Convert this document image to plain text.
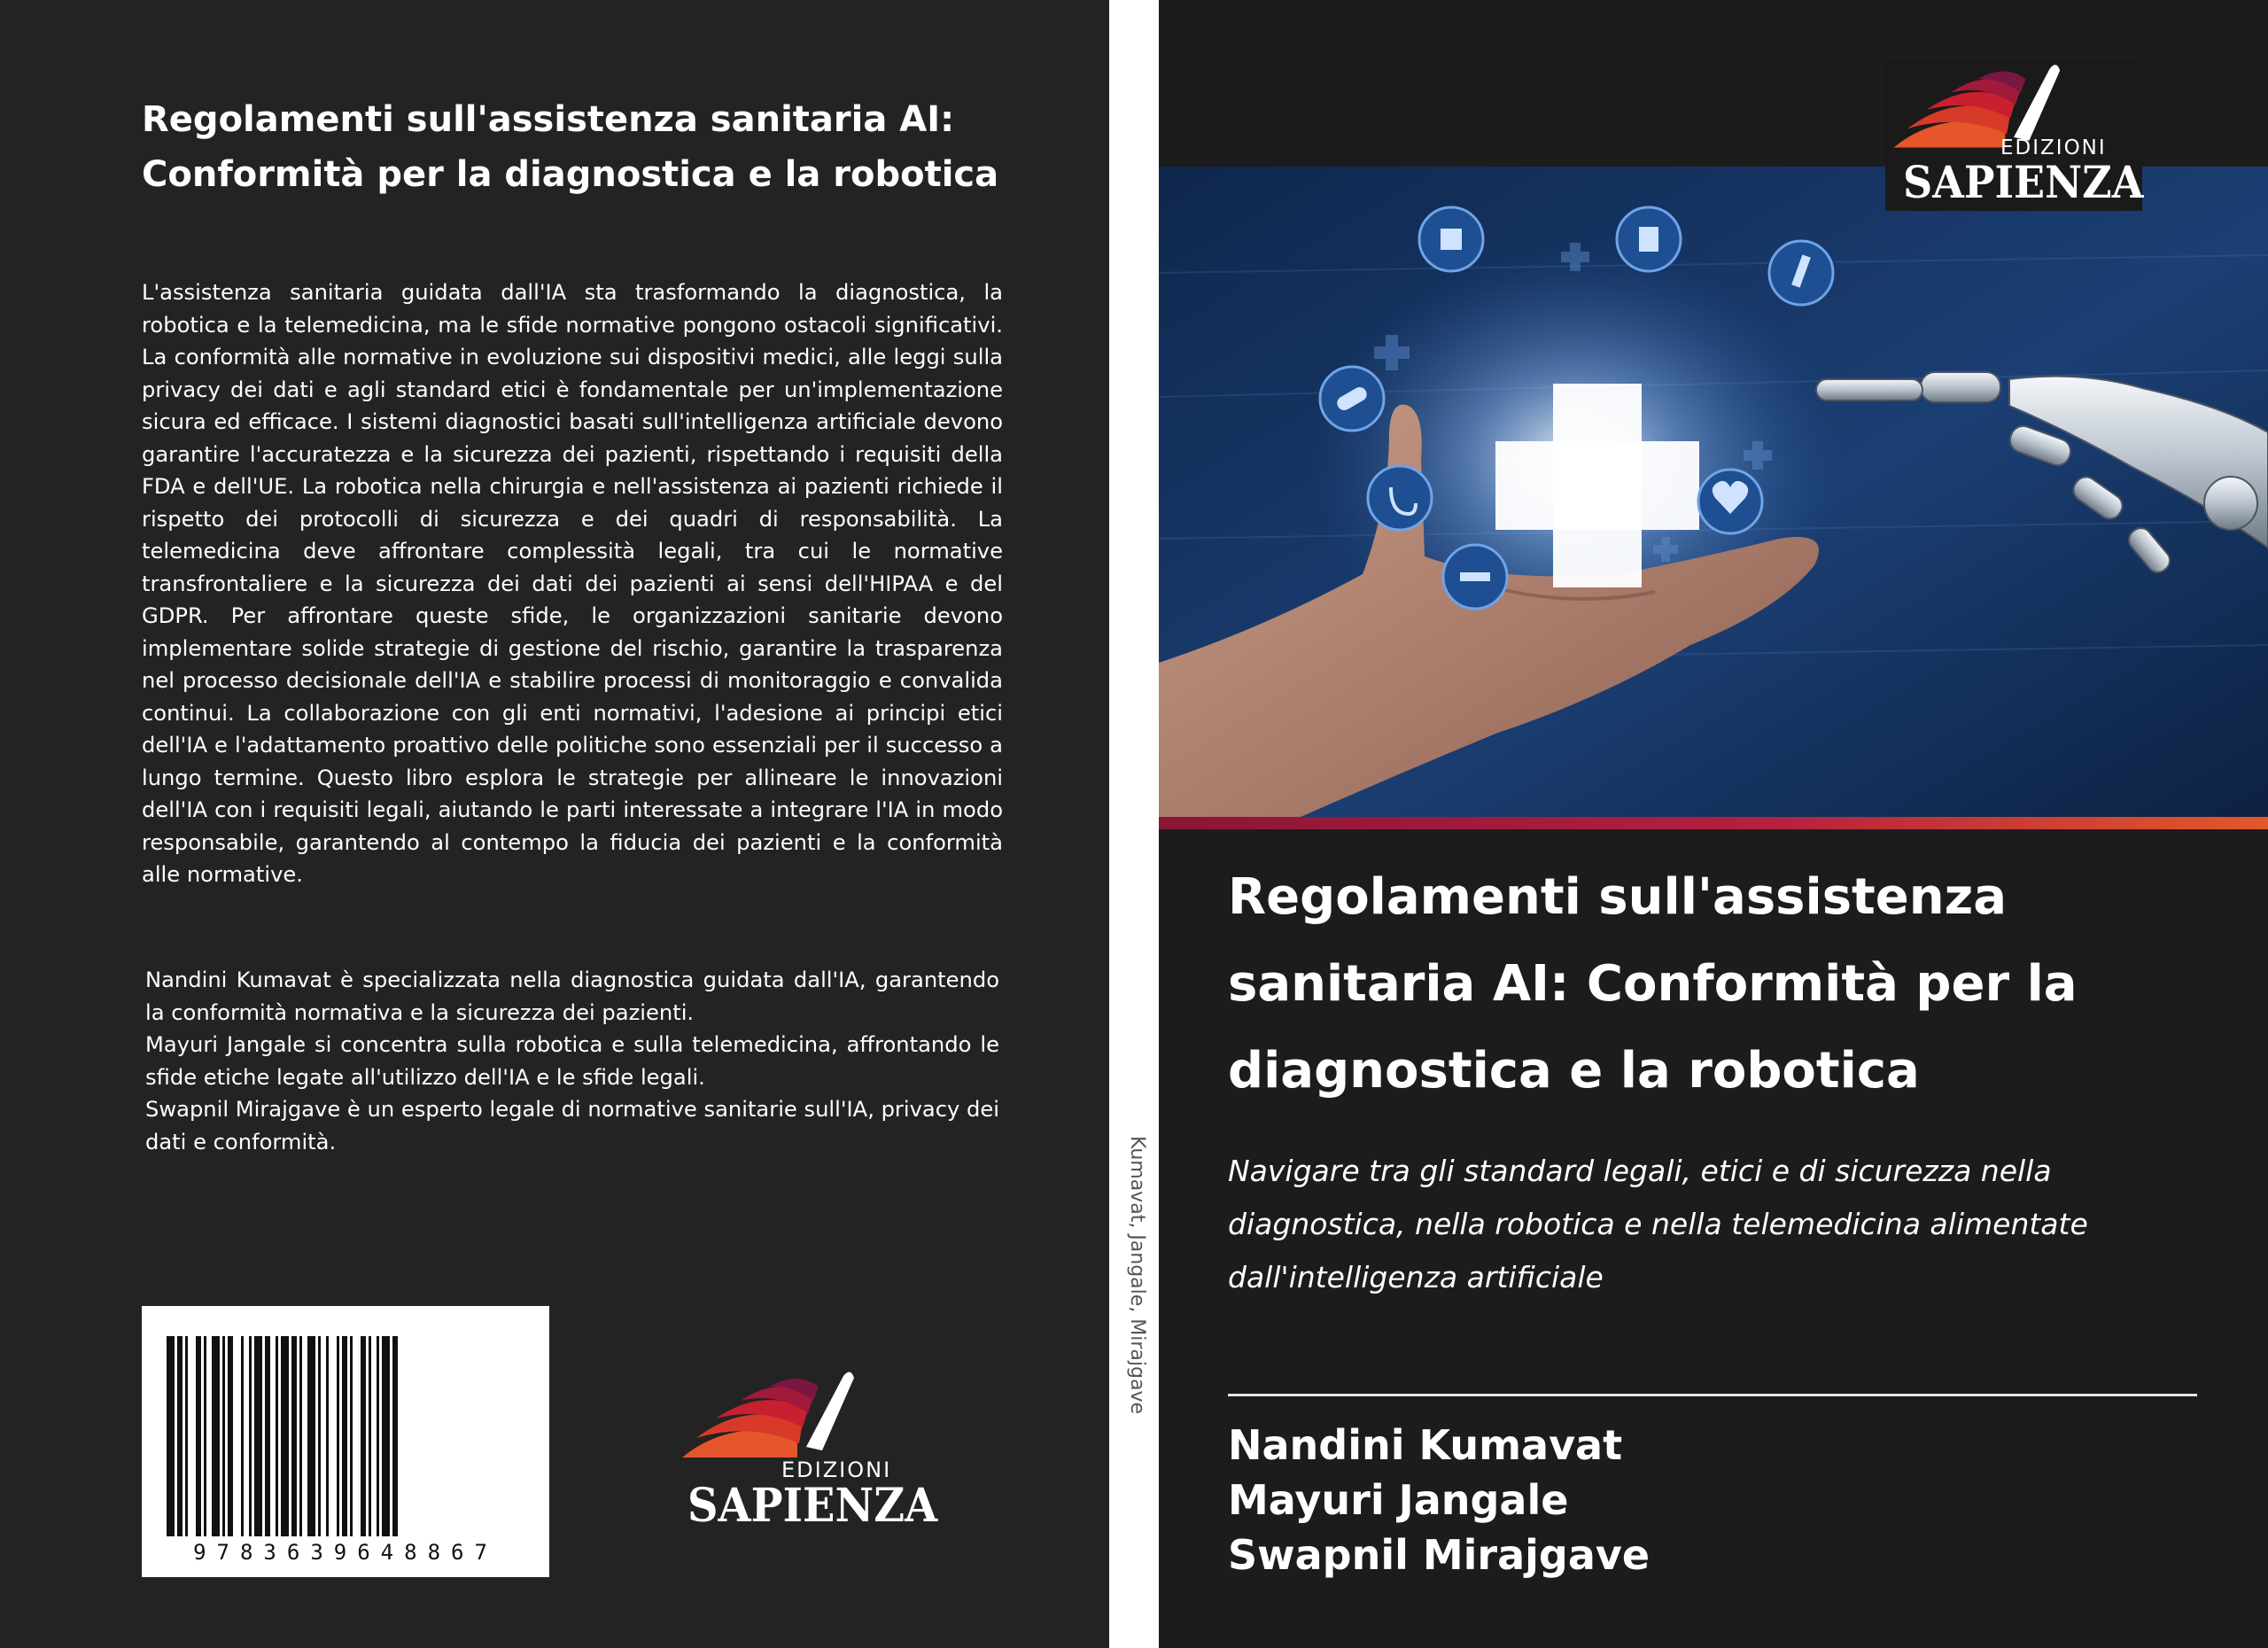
Regolamenti sull'assistenza sanitaria AI: Conformità per la diagnostica e la robotica

L'assistenza sanitaria guidata dall'IA sta trasformando la diagnostica, la robotica e la telemedicina, ma le sfide normative pongono ostacoli significativi. La conformità alle normative in evoluzione sui dispositivi medici, alle leggi sulla privacy dei dati e agli standard etici è fondamentale per un'implementazione sicura ed efficace. I sistemi diagnostici basati sull'intelligenza artificiale devono garantire l'accuratezza e la sicurezza dei pazienti, rispettando i requisiti della FDA e dell'UE. La robotica nella chirurgia e nell'assistenza ai pazienti richiede il rispetto dei protocolli di sicurezza e dei quadri di responsabilità. La telemedicina deve affrontare complessità legali, tra cui le normative transfrontaliere e la sicurezza dei dati dei pazienti ai sensi dell'HIPAA e del GDPR. Per affrontare queste sfide, le organizzazioni sanitarie devono implementare solide strategie di gestione del rischio, garantire la trasparenza nel processo decisionale dell'IA e stabilire processi di monitoraggio e convalida continui. La collaborazione con gli enti normativi, l'adesione ai principi etici dell'IA e l'adattamento proattivo delle politiche sono essenziali per il successo a lungo termine. Questo libro esplora le strategie per allineare le innovazioni dell'IA con i requisiti legali, aiutando le parti interessate a integrare l'IA in modo responsabile, garantendo al contempo la fiducia dei pazienti e la conformità alle normative.

Nandini Kumavat è specializzata nella diagnostica guidata dall'IA, garantendo la conformità normativa e la sicurezza dei pazienti.

Mayuri Jangale si concentra sulla robotica e sulla telemedicina, affrontando le sfide etiche legate all'utilizzo dell'IA e le sfide legali.

Swapnil Mirajgave è un esperto legale di normative sanitarie sull'IA, privacy dei dati e conformità.

9783639648867
EDIZIONI
SAPIENZA
Kumavat, Jangale, Mirajgave
EDIZIONI
SAPIENZA
Regolamenti sull'assistenza sanitaria AI: Conformità per la diagnostica e la robotica
Navigare tra gli standard legali, etici e di sicurezza nella diagnostica, nella robotica e nella telemedicina alimentate dall'intelligenza artificiale
Nandini Kumavat
Mayuri Jangale
Swapnil Mirajgave
